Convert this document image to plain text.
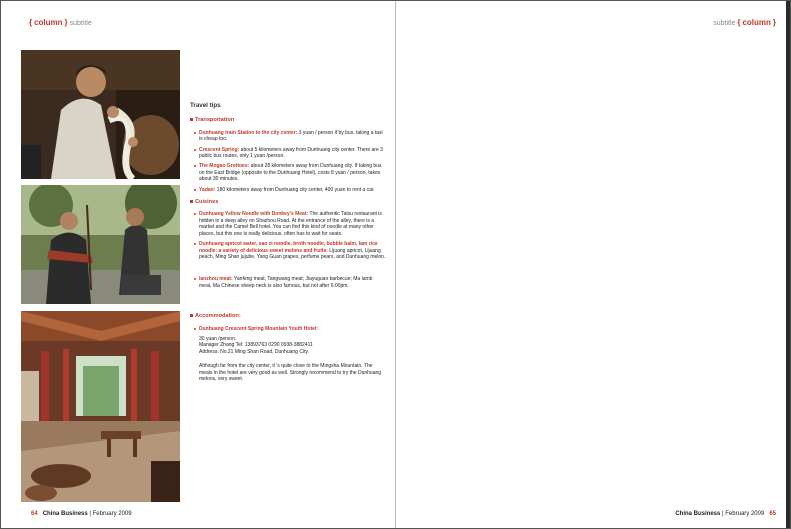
{ column } subtitle	subtitle { column }
Travel tips
Transportation
Dunhuang train Station to the city center: 3 yuan / person if by bus, taking a taxi is cheap too.
Crescent Spring: about 5 kilometers away from Dunhuang city center. There are 3 public bus routes, only 1 yuan /person.
The Mogao Grottoes: about 28 kilometers away from Dunhuang city. If taking bus on the East Bridge (opposite to the Dunhuang Hotel), costs 8 yuan / person, takes about 30 minutes.
Yadan: 180 kilometers away from Dunhuang city center, 400 yuan to rent a car.
Cuisines
Dunhuang Yellow Noodle with Donkey's Meat: The authentic Tatsu restaurant is hidden in a deep alley on Shazhou Road. At the entrance of the alley, there is a market and the Camel Bell hotel. You can find this kind of noodle at many other places, but this one is really delicious, often has to wait for seats.
Dunhuang apricot water, sao zi noodle, broth noodle, bubble balm, lam rice noodle; a variety of delicious sweet melons and fruits: Lijuang apricot, Lijuang peach, Ming Shan jujube, Yang Guan grapes, perfume pears, and Dunhuang melon.
lanzhou meat: Yanfeng meat, Tangwang meat; Jiayuguan barbecue; Ma lamb meat, Ma Chinese sheep neck is also famous, but not after 6:00pm.
Accommodation:
Dunhuang Crescent Spring Mountain Youth Hotel:
30 yuan /person.
Manager Zhang Tel: 13893763 0290 0938-3882411
Address: No.21 Ming Shan Road, Dunhuang City.
Although far from the city center, it 's quite close to the Mingsha Mountain. The meals in the hotel are very good as well. Strongly recommend to try the Dunhuang melons, very sweet.
64 China Business | February 2009	China Business | February 2009 65
